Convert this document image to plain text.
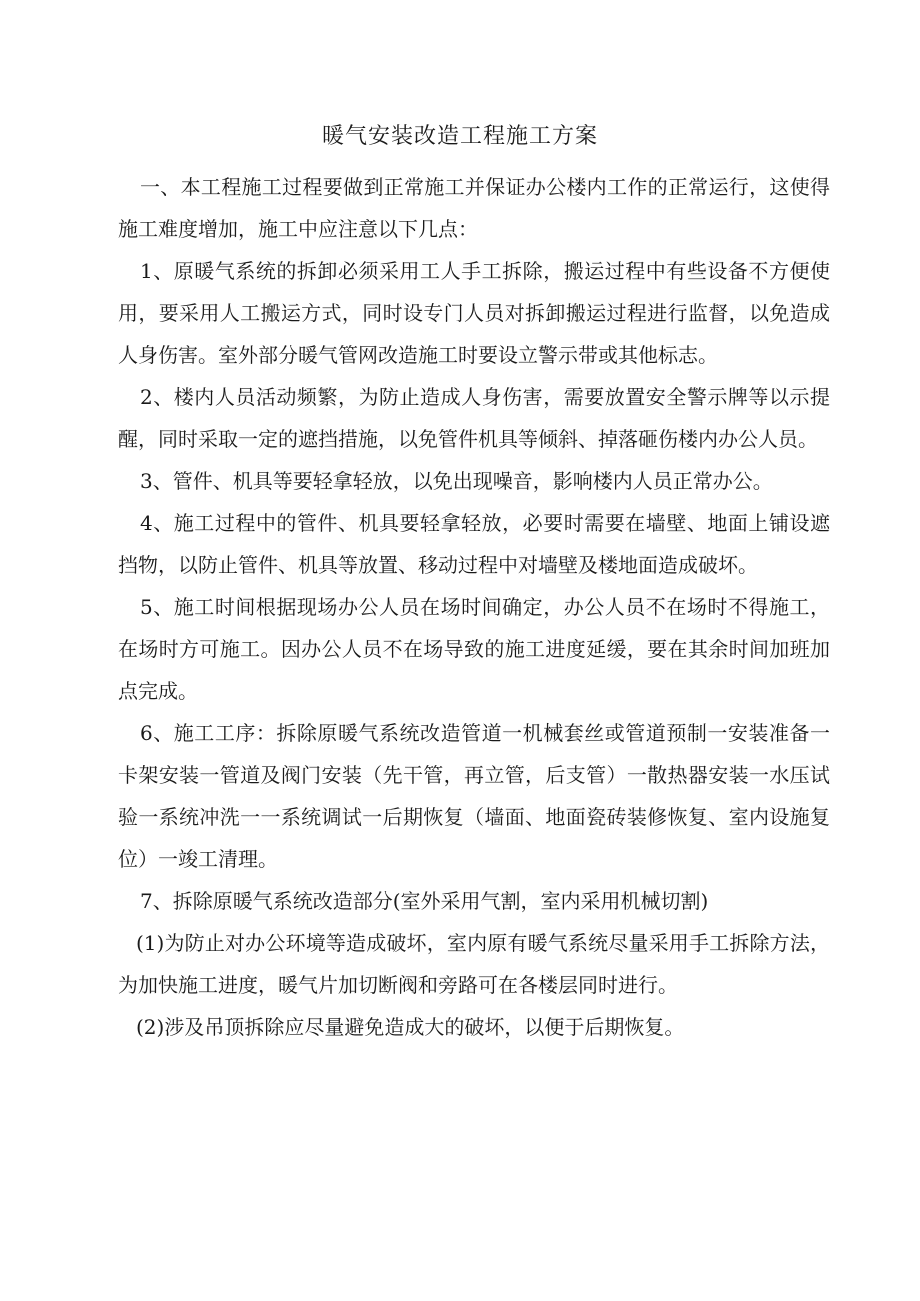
暖气安装改造工程施工方案

一、本工程施工过程要做到正常施工并保证办公楼内工作的正常运行，这使得施工难度增加，施工中应注意以下几点：

1、原暖气系统的拆卸必须采用工人手工拆除，搬运过程中有些设备不方便使用，要采用人工搬运方式，同时设专门人员对拆卸搬运过程进行监督，以免造成人身伤害。室外部分暖气管网改造施工时要设立警示带或其他标志。

2、楼内人员活动频繁，为防止造成人身伤害，需要放置安全警示牌等以示提醒，同时采取一定的遮挡措施，以免管件机具等倾斜、掉落砸伤楼内办公人员。

3、管件、机具等要轻拿轻放，以免出现噪音，影响楼内人员正常办公。

4、施工过程中的管件、机具要轻拿轻放，必要时需要在墙壁、地面上铺设遮挡物，以防止管件、机具等放置、移动过程中对墙壁及楼地面造成破坏。

5、施工时间根据现场办公人员在场时间确定，办公人员不在场时不得施工，在场时方可施工。因办公人员不在场导致的施工进度延缓，要在其余时间加班加点完成。

6、施工工序：拆除原暖气系统改造管道一机械套丝或管道预制一安装准备一卡架安装一管道及阀门安装（先干管，再立管，后支管）一散热器安装一水压试验一系统冲洗一一系统调试一后期恢复（墙面、地面瓷砖装修恢复、室内设施复位）一竣工清理。

7、拆除原暖气系统改造部分(室外采用气割，室内采用机械切割)

(1)为防止对办公环境等造成破坏，室内原有暖气系统尽量采用手工拆除方法，为加快施工进度，暖气片加切断阀和旁路可在各楼层同时进行。

(2)涉及吊顶拆除应尽量避免造成大的破坏，以便于后期恢复。
